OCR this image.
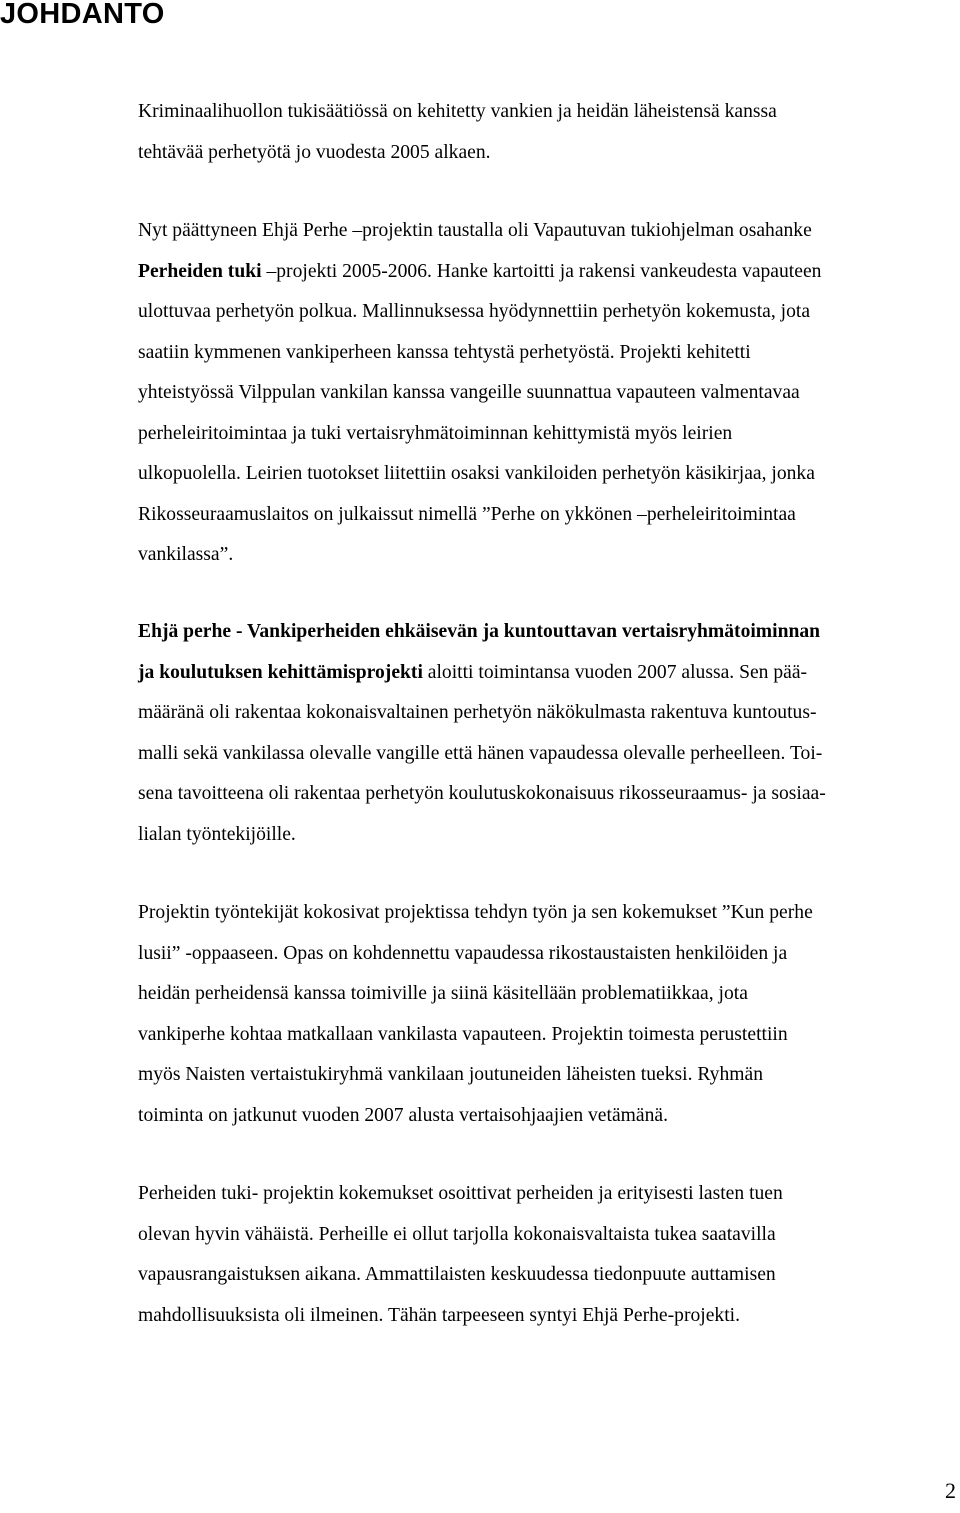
JOHDANTO
Kriminaalihuollon tukisäätiössä on kehitetty vankien ja heidän läheistensä kanssa
tehtävää perhetyötä jo vuodesta 2005 alkaen.
Nyt päättyneen Ehjä Perhe –projektin taustalla oli Vapautuvan tukiohjelman osahanke
Perheiden tuki –projekti 2005-2006. Hanke kartoitti ja rakensi vankeudesta vapauteen
ulottuvaa perhetyön polkua. Mallinnuksessa hyödynnettiin perhetyön kokemusta, jota
saatiin kymmenen vankiperheen kanssa tehtystä perhetyöstä. Projekti kehitetti
yhteistyössä Vilppulan vankilan kanssa vangeille suunnattua vapauteen valmentavaa
perheleiritoimintaa ja tuki vertaisryhmätoiminnan kehittymistä myös leirien
ulkopuolella. Leirien tuotokset liitettiin osaksi vankiloiden perhetyön käsikirjaa, jonka
Rikosseuraamuslaitos on julkaissut nimellä ”Perhe on ykkönen –perheleiritoimintaa
vankilassa”.
Ehjä perhe - Vankiperheiden ehkäisevän ja kuntouttavan vertaisryhmätoiminnan
ja koulutuksen kehittämisprojekti aloitti toimintansa vuoden 2007 alussa. Sen pää-
määränä oli rakentaa kokonaisvaltainen perhetyön näkökulmasta rakentuva kuntoutus-
malli sekä vankilassa olevalle vangille että hänen vapaudessa olevalle perheelleen. Toi-
sena tavoitteena oli rakentaa perhetyön koulutuskokonaisuus rikosseuraamus- ja sosiaa-
lialan työntekijöille.
Projektin työntekijät kokosivat projektissa tehdyn työn ja sen kokemukset ”Kun perhe
lusii” -oppaaseen. Opas on kohdennettu vapaudessa rikostaustaisten henkilöiden ja
heidän perheidensä kanssa toimiville ja siinä käsitellään problematiikkaa, jota
vankiperhe kohtaa matkallaan vankilasta vapauteen. Projektin toimesta perustettiin
myös Naisten vertaistukiryhmä vankilaan joutuneiden läheisten tueksi. Ryhmän
toiminta on jatkunut vuoden 2007 alusta vertaisohjaajien vetämänä.
Perheiden tuki- projektin kokemukset osoittivat perheiden ja erityisesti lasten tuen
olevan hyvin vähäistä. Perheille ei ollut tarjolla kokonaisvaltaista tukea saatavilla
vapausrangaistuksen aikana. Ammattilaisten keskuudessa tiedonpuute auttamisen
mahdollisuuksista oli ilmeinen. Tähän tarpeeseen syntyi Ehjä Perhe-projekti.
2
